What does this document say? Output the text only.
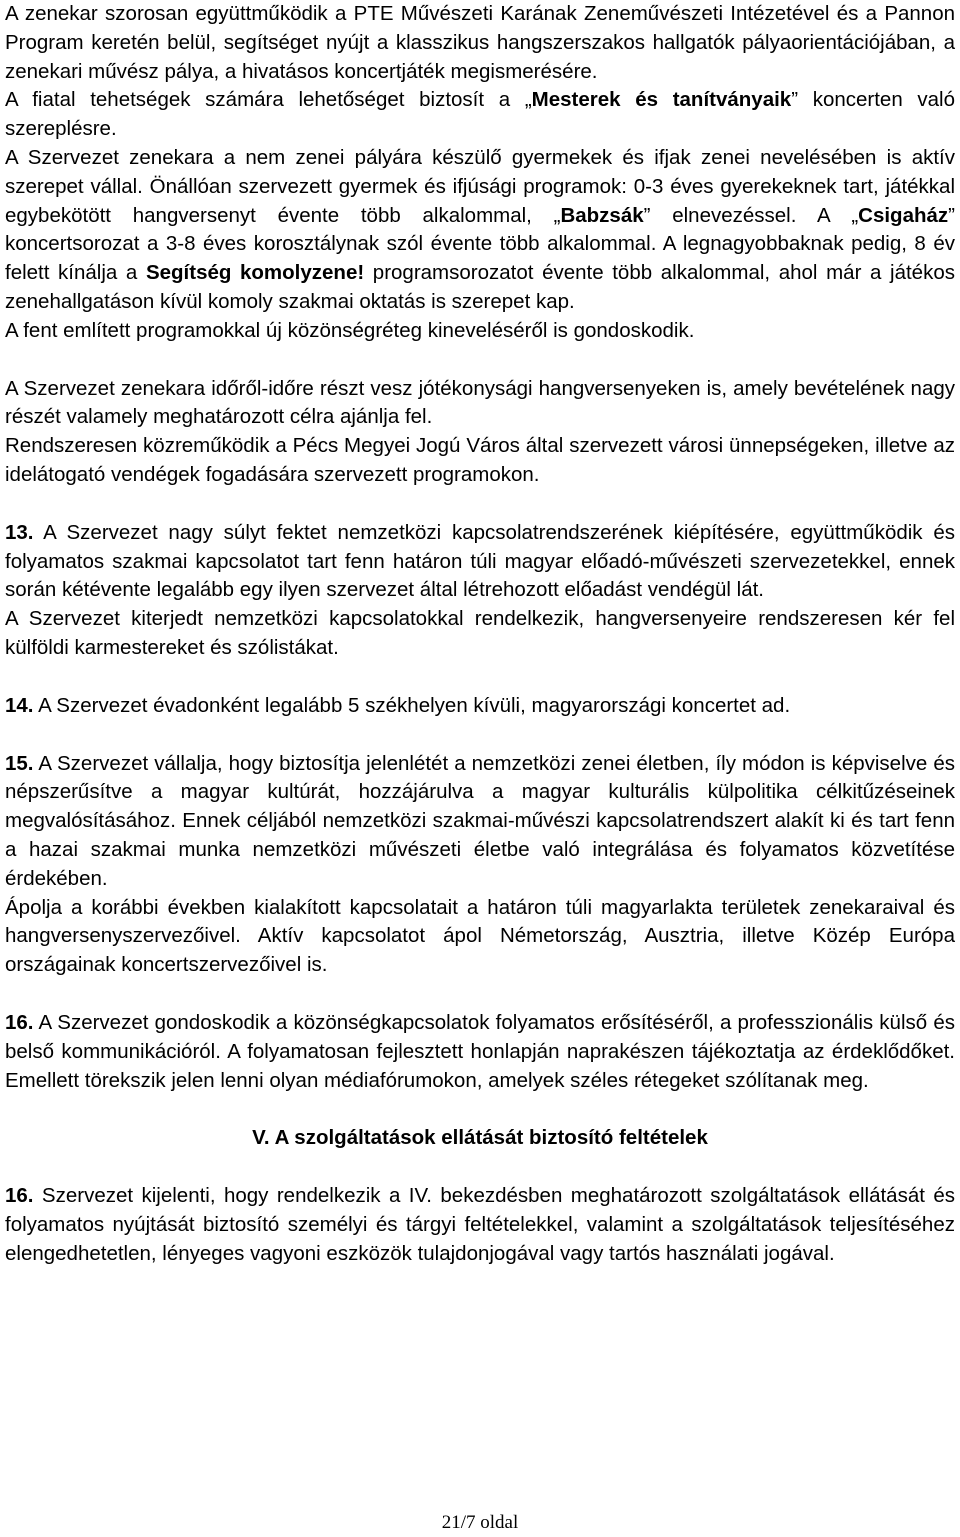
A zenekar szorosan együttműködik a PTE Művészeti Karának Zeneművészeti Intézetével és a Pannon Program keretén belül, segítséget nyújt a klasszikus hangszerszakos hallgatók pályaorientációjában, a zenekari művész pálya, a hivatásos koncertjáték megismerésére.

A fiatal tehetségek számára lehetőséget biztosít a „Mesterek és tanítványaik” koncerten való szereplésre.

A Szervezet zenekara a nem zenei pályára készülő gyermekek és ifjak zenei nevelésében is aktív szerepet vállal. Önállóan szervezett gyermek és ifjúsági programok: 0-3 éves gyerekeknek tart, játékkal egybekötött hangversenyt évente több alkalommal, „Babzsák” elnevezéssel. A „Csigaház” koncertsorozat a 3-8 éves korosztálynak szól évente több alkalommal. A legnagyobbaknak pedig, 8 év felett kínálja a Segítség komolyzene! programsorozatot évente több alkalommal, ahol már a játékos zenehallgatáson kívül komoly szakmai oktatás is szerepet kap.

A fent említett programokkal új közönségréteg kineveléséről is gondoskodik.

A Szervezet zenekara időről-időre részt vesz jótékonysági hangversenyeken is, amely bevételének nagy részét valamely meghatározott célra ajánlja fel.

Rendszeresen közreműködik a Pécs Megyei Jogú Város által szervezett városi ünnepségeken, illetve az idelátogató vendégek fogadására szervezett programokon.

13. A Szervezet nagy súlyt fektet nemzetközi kapcsolatrendszerének kiépítésére, együttműködik és folyamatos szakmai kapcsolatot tart fenn határon túli magyar előadó-művészeti szervezetekkel, ennek során kétévente legalább egy ilyen szervezet által létrehozott előadást vendégül lát.

A Szervezet kiterjedt nemzetközi kapcsolatokkal rendelkezik, hangversenyeire rendszeresen kér fel külföldi karmestereket és szólistákat.

14. A Szervezet évadonként legalább 5 székhelyen kívüli, magyarországi koncertet ad.

15. A Szervezet vállalja, hogy biztosítja jelenlétét a nemzetközi zenei életben, íly módon is képviselve és népszerűsítve a magyar kultúrát, hozzájárulva a magyar kulturális külpolitika célkitűzéseinek megvalósításához. Ennek céljából nemzetközi szakmai-művészi kapcsolatrendszert alakít ki és tart fenn a hazai szakmai munka nemzetközi művészeti életbe való integrálása és folyamatos közvetítése érdekében.

Ápolja a korábbi években kialakított kapcsolatait a határon túli magyarlakta területek zenekaraival és hangversenyszervezőivel. Aktív kapcsolatot ápol Németország, Ausztria, illetve Közép Európa országainak koncertszervezőivel is.

16. A Szervezet gondoskodik a közönségkapcsolatok folyamatos erősítéséről, a professzionális külső és belső kommunikációról. A folyamatosan fejlesztett honlapján naprakészen tájékoztatja az érdeklődőket. Emellett törekszik jelen lenni olyan médiafórumokon, amelyek széles rétegeket szólítanak meg.

V. A szolgáltatások ellátását biztosító feltételek

16. Szervezet kijelenti, hogy rendelkezik a IV. bekezdésben meghatározott szolgáltatások ellátását és folyamatos nyújtását biztosító személyi és tárgyi feltételekkel, valamint a szolgáltatások teljesítéséhez elengedhetetlen, lényeges vagyoni eszközök tulajdonjogával vagy tartós használati jogával.

21/7 oldal
